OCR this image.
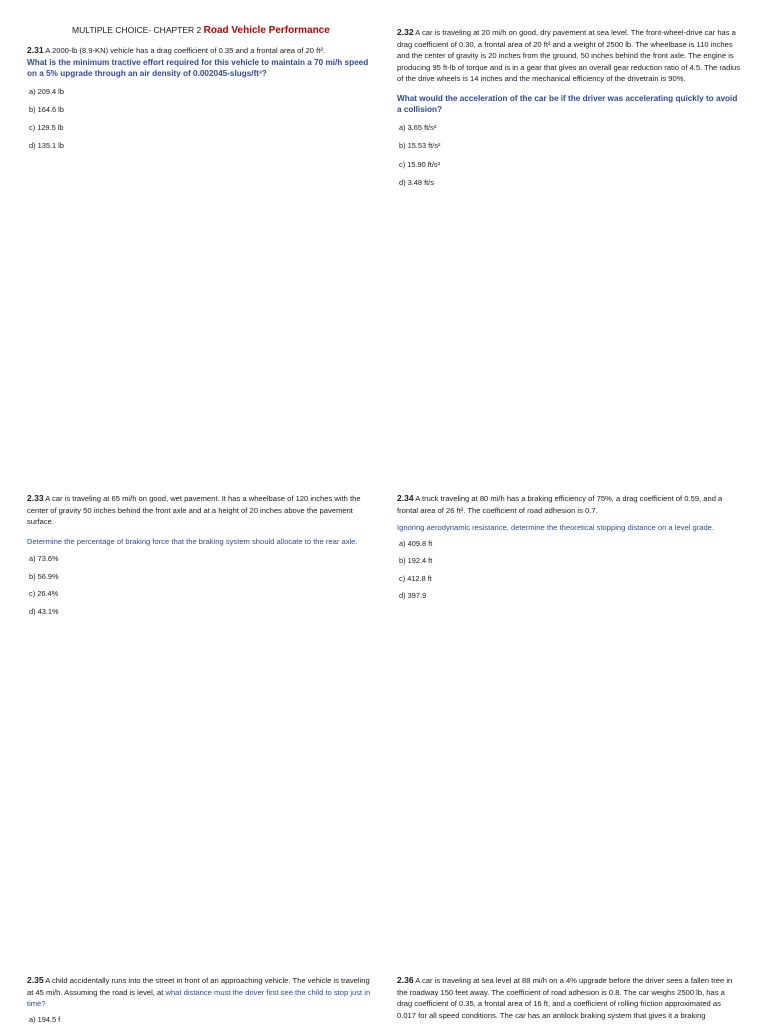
MULTIPLE CHOICE- CHAPTER 2 Road Vehicle Performance

2.31 A 2000-lb (8.9-KN) vehicle has a drag coefficient of 0.35 and a frontal area of 20 ft².

What is the minimum tractive effort required for this vehicle to maintain a 70 mi/h speed on a 5% upgrade through an air density of 0.002045-slugs/ft³?

a) 209.4 lb

b) 164.6 lb

c) 129.5 lb

d) 135.1 lb

2.32 A car is traveling at 20 mi/h on good, dry pavement at sea level. The front-wheel-drive car has a drag coefficient of 0.30, a frontal area of 20 ft² and a weight of 2500 lb. The wheelbase is 110 inches and the center of gravity is 20 inches from the ground, 50 inches behind the front axle. The engine is producing 95 ft-lb of torque and is in a gear that gives an overall gear reduction ratio of 4.5. The radius of the drive wheels is 14 inches and the mechanical efficiency of the drivetrain is 90%.

What would the acceleration of the car be if the driver was accelerating quickly to avoid a collision?

a) 3.65 ft/s²

b) 15.53 ft/s²

c) 15.90 ft/s²

d) 3.48 ft/s

2.33 A car is traveling at 65 mi/h on good, wet pavement. It has a wheelbase of 120 inches with the center of gravity 50 inches behind the front axle and at a height of 20 inches above the pavement surface.

Determine the percentage of braking force that the braking system should allocate to the rear axle.

a) 73.6%

b) 56.9%

c) 26.4%

d) 43.1%

2.34 A truck traveling at 80 mi/h has a braking efficiency of 75%, a drag coefficient of 0.59, and a frontal area of 26 ft². The coefficient of road adhesion is 0.7.

Ignoring aerodynamic resistance, determine the theoretical stopping distance on a level grade.

a) 409.8 ft

b) 192.4 ft

c) 412.8 ft

d) 397.9

2.35 A child accidentally runs into the street in front of an approaching vehicle. The vehicle is traveling at 45 mi/h. Assuming the road is level, at what distance must the driver first see the child to stop just in time?

a) 194.5 f

2.36 A car is traveling at sea level at 88 mi/h on a 4% upgrade before the driver sees a fallen tree in the roadway 150 feet away. The coefficient of road adhesion is 0.8. The car weighs 2500 lb, has a drag coefficient of 0.35, a frontal area of 16 ft, and a coefficient of rolling friction approximated as 0.017 for all speed conditions. The car has an antilock braking system that gives it a braking
